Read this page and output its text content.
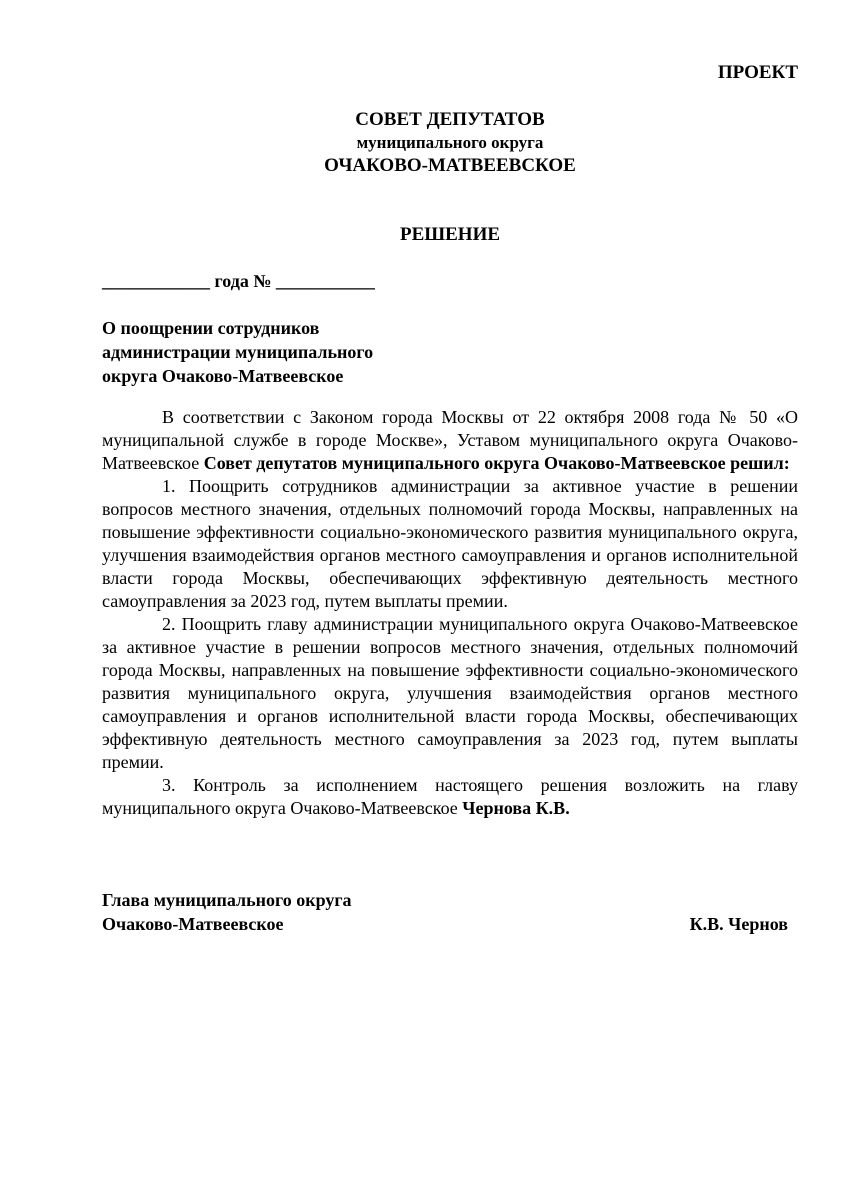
ПРОЕКТ
СОВЕТ ДЕПУТАТОВ
муниципального округа
ОЧАКОВО-МАТВЕЕВСКОЕ
РЕШЕНИЕ
____________ года № ___________
О поощрении сотрудников
администрации муниципального
округа Очаково-Матвеевское

В соответствии с Законом города Москвы от 22 октября 2008 года № 50 «О муниципальной службе в городе Москве», Уставом муниципального округа Очаково-Матвеевское Совет депутатов муниципального округа Очаково-Матвеевское решил:

1. Поощрить сотрудников администрации за активное участие в решении вопросов местного значения, отдельных полномочий города Москвы, направленных на повышение эффективности социально-экономического развития муниципального округа, улучшения взаимодействия органов местного самоуправления и органов исполнительной власти города Москвы, обеспечивающих эффективную деятельность местного самоуправления за 2023 год, путем выплаты премии.

2. Поощрить главу администрации муниципального округа Очаково-Матвеевское за активное участие в решении вопросов местного значения, отдельных полномочий города Москвы, направленных на повышение эффективности социально-экономического развития муниципального округа, улучшения взаимодействия органов местного самоуправления и органов исполнительной власти города Москвы, обеспечивающих эффективную деятельность местного самоуправления за 2023 год, путем выплаты премии.

3. Контроль за исполнением настоящего решения возложить на главу муниципального округа Очаково-Матвеевское Чернова К.В.

Глава муниципального округа
Очаково-Матвеевское	К.В. Чернов
